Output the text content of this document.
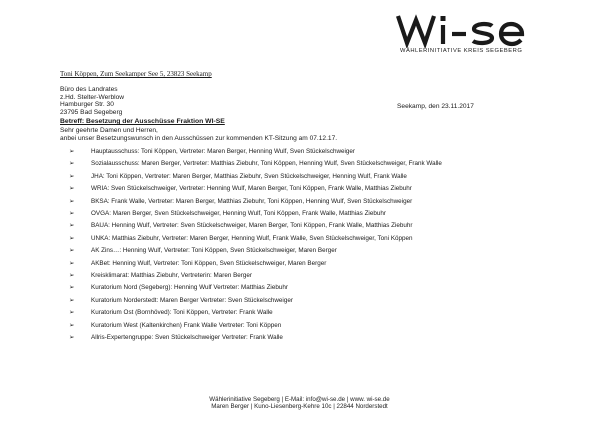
WÄHLERINITIATIVE KREIS SEGEBERG
Toni Köppen, Zum Seekamper See 5, 23823 Seekamp
Büro des Landrates
z.Hd. Stelter-Werblow
Hamburger Str. 30
23795 Bad Segeberg
Seekamp, den 23.11.2017
Betreff: Besetzung der Ausschüsse Fraktion WI-SE
Sehr geehrte Damen und Herren,
anbei unser Besetzungswunsch in den Ausschüssen zur kommenden KT-Sitzung am 07.12.17.
➢	Hauptausschuss: Toni Köppen, Vertreter: Maren Berger, Henning Wulf, Sven Stückelschweiger
➢	Sozialausschuss: Maren Berger, Vertreter: Matthias Ziebuhr, Toni Köppen, Henning Wulf, Sven Stückelschweiger, Frank Walle
➢	JHA: Toni Köppen, Vertreter: Maren Berger, Matthias Ziebuhr, Sven Stückelschweiger, Henning Wulf, Frank Walle
➢	WRIA: Sven Stückelschweiger, Vertreter: Henning Wulf, Maren Berger, Toni Köppen, Frank Walle, Matthias Ziebuhr
➢	BKSA: Frank Walle, Vertreter: Maren Berger, Matthias Ziebuhr, Toni Köppen, Henning Wulf, Sven Stückelschweiger
➢	OVGA: Maren Berger, Sven Stückelschweiger, Henning Wulf, Toni Köppen, Frank Walle, Matthias Ziebuhr
➢	BAUA: Henning Wulf, Vertreter: Sven Stückelschweiger, Maren Berger, Toni Köppen, Frank Walle, Matthias Ziebuhr
➢	UNKA: Matthias Ziebuhr, Vertreter: Maren Berger, Henning Wulf, Frank Walle, Sven Stückelschweiger, Toni Köppen
➢	AK Zins…: Henning Wulf, Vertreter: Toni Köppen, Sven Stückelschweiger, Maren Berger
➢	AKBet: Henning Wulf, Vertreter: Toni Köppen, Sven Stückelschweiger, Maren Berger
➢	Kreisklimarat: Matthias Ziebuhr, Vertreterin: Maren Berger
➢	Kuratorium Nord (Segeberg): Henning Wulf Vertreter: Matthias Ziebuhr
➢	Kuratorium Norderstedt: Maren Berger Vertreter: Sven Stückelschweiger
➢	Kuratorium Ost (Bornhöved): Toni Köppen, Vertreter: Frank Walle
➢	Kuratorium West (Kaltenkirchen) Frank Walle Vertreter: Toni Köppen
➢	Allris-Expertengruppe: Sven Stückelschweiger Vertreter: Frank Walle
Wählerinitiative Segeberg | E-Mail: info@wi-se.de | www. wi-se.de
Maren Berger | Kuno-Liesenberg-Kehre 10c | 22844 Norderstedt
